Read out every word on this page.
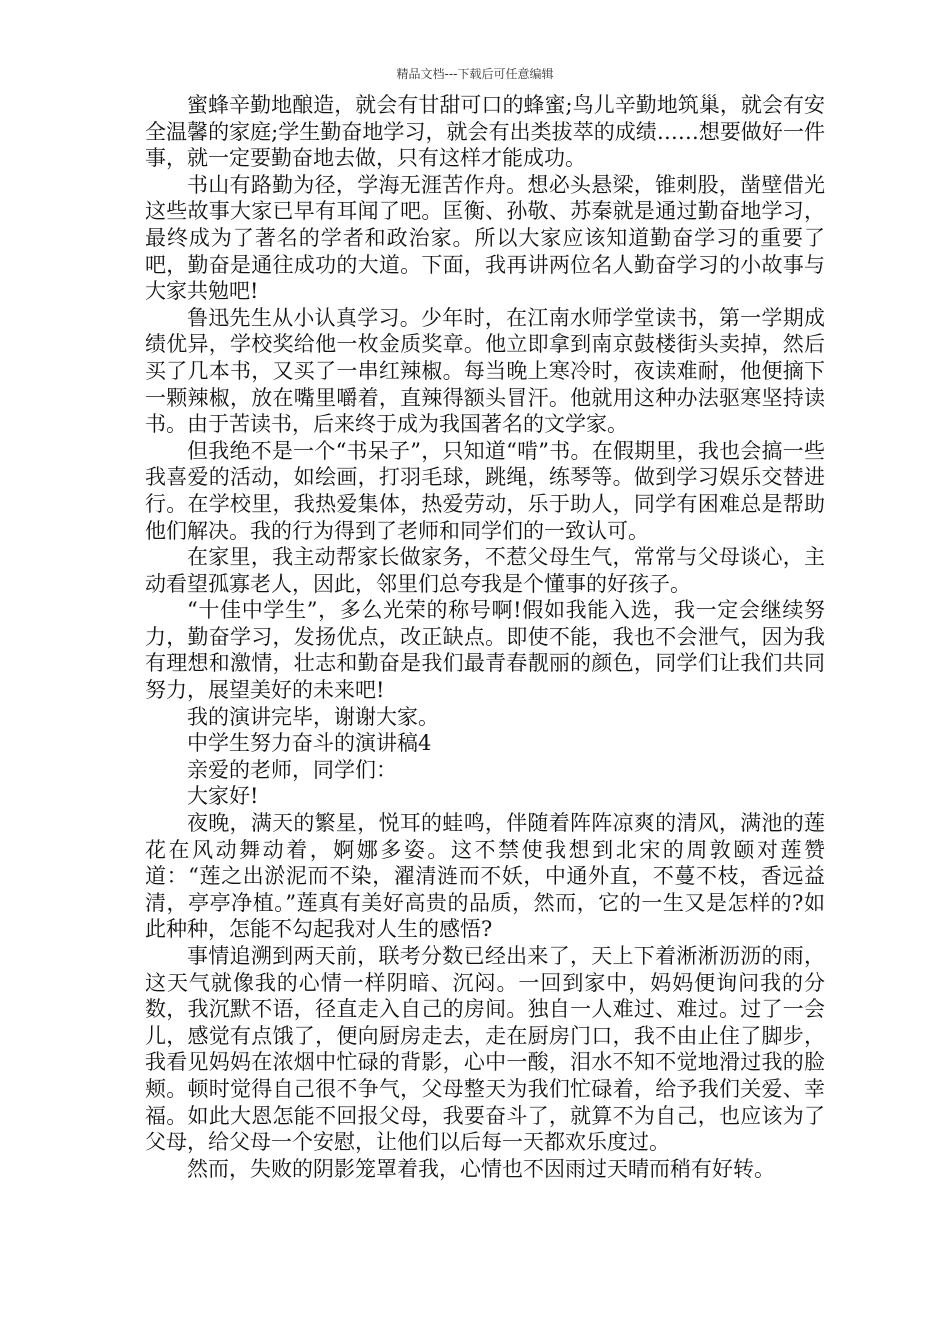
精品文档---下载后可任意编辑

蜜蜂辛勤地酿造，就会有甘甜可口的蜂蜜;鸟儿辛勤地筑巢，就会有安全温馨的家庭;学生勤奋地学习，就会有出类拔萃的成绩……想要做好一件事，就一定要勤奋地去做，只有这样才能成功。

书山有路勤为径，学海无涯苦作舟。想必头悬梁，锥刺股，凿壁借光这些故事大家已早有耳闻了吧。匡衡、孙敬、苏秦就是通过勤奋地学习，最终成为了著名的学者和政治家。所以大家应该知道勤奋学习的重要了吧，勤奋是通往成功的大道。下面，我再讲两位名人勤奋学习的小故事与大家共勉吧!

鲁迅先生从小认真学习。少年时，在江南水师学堂读书，第一学期成绩优异，学校奖给他一枚金质奖章。他立即拿到南京鼓楼街头卖掉，然后买了几本书，又买了一串红辣椒。每当晚上寒冷时，夜读难耐，他便摘下一颗辣椒，放在嘴里嚼着，直辣得额头冒汗。他就用这种办法驱寒坚持读书。由于苦读书，后来终于成为我国著名的文学家。

但我绝不是一个“书呆子”，只知道“啃”书。在假期里，我也会搞一些我喜爱的活动，如绘画，打羽毛球，跳绳，练琴等。做到学习娱乐交替进行。在学校里，我热爱集体，热爱劳动，乐于助人，同学有困难总是帮助他们解决。我的行为得到了老师和同学们的一致认可。

在家里，我主动帮家长做家务，不惹父母生气，常常与父母谈心，主动看望孤寡老人，因此，邻里们总夸我是个懂事的好孩子。

“十佳中学生”，多么光荣的称号啊!假如我能入选，我一定会继续努力，勤奋学习，发扬优点，改正缺点。即使不能，我也不会泄气，因为我有理想和激情，壮志和勤奋是我们最青春靓丽的颜色，同学们让我们共同努力，展望美好的未来吧!

我的演讲完毕，谢谢大家。

中学生努力奋斗的演讲稿4

亲爱的老师，同学们：

大家好!

夜晚，满天的繁星，悦耳的蛙鸣，伴随着阵阵凉爽的清风，满池的莲花在风动舞动着，婀娜多姿。这不禁使我想到北宋的周敦颐对莲赞道：“莲之出淤泥而不染，濯清涟而不妖，中通外直，不蔓不枝，香远益清，亭亭净植。”莲真有美好高贵的品质，然而，它的一生又是怎样的?如此种种，怎能不勾起我对人生的感悟?

事情追溯到两天前，联考分数已经出来了，天上下着淅淅沥沥的雨，这天气就像我的心情一样阴暗、沉闷。一回到家中，妈妈便询问我的分数，我沉默不语，径直走入自己的房间。独自一人难过、难过。过了一会儿，感觉有点饿了，便向厨房走去，走在厨房门口，我不由止住了脚步，我看见妈妈在浓烟中忙碌的背影，心中一酸，泪水不知不觉地滑过我的脸颊。顿时觉得自己很不争气，父母整天为我们忙碌着，给予我们关爱、幸福。如此大恩怎能不回报父母，我要奋斗了，就算不为自己，也应该为了父母，给父母一个安慰，让他们以后每一天都欢乐度过。

然而，失败的阴影笼罩着我，心情也不因雨过天晴而稍有好转。
